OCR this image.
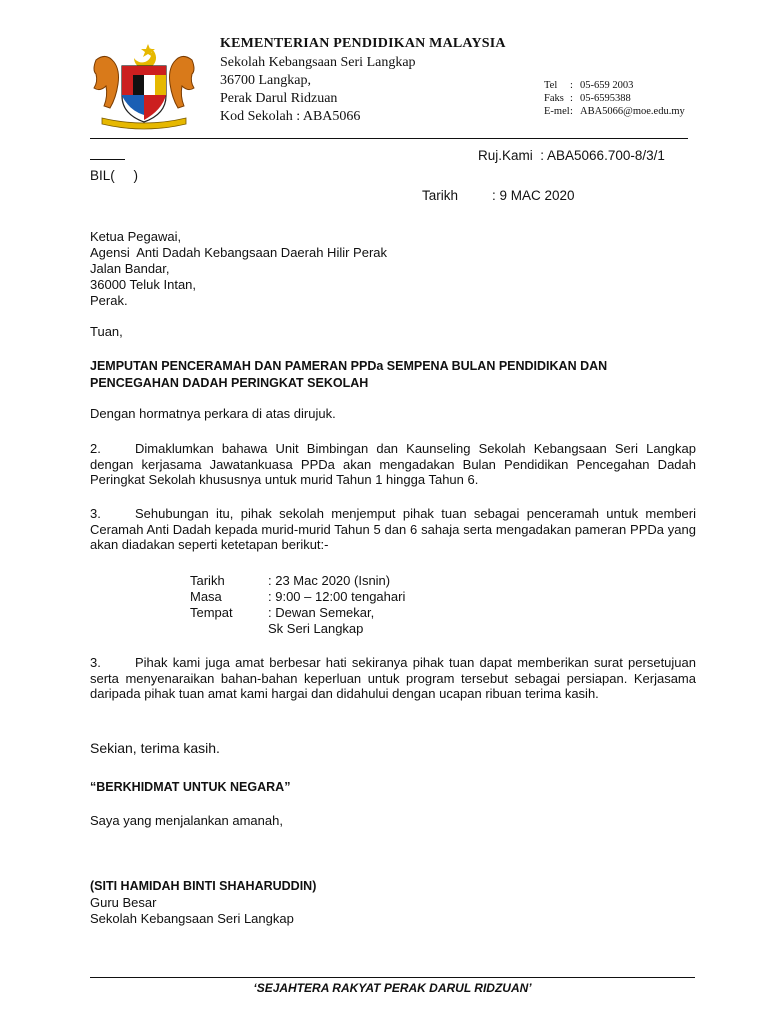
KEMENTERIAN PENDIDIKAN MALAYSIA
Sekolah Kebangsaan Seri Langkap
36700 Langkap,
Perak Darul Ridzuan
Kod Sekolah : ABA5066
Tel : 05-659 2003
Faks : 05-6595388
E-mel: ABA5066@moe.edu.my
Ruj.Kami  : ABA5066.700-8/3/1
BIL(     )
Tarikh	: 9 MAC 2020
Ketua Pegawai,
Agensi  Anti Dadah Kebangsaan Daerah Hilir Perak
Jalan Bandar,
36000 Teluk Intan,
Perak.
Tuan,
JEMPUTAN PENCERAMAH DAN PAMERAN PPDa SEMPENA BULAN PENDIDIKAN DAN PENCEGAHAN DADAH PERINGKAT SEKOLAH
Dengan hormatnya perkara di atas dirujuk.
2.	Dimaklumkan bahawa Unit Bimbingan dan Kaunseling Sekolah Kebangsaan Seri Langkap dengan kerjasama Jawatankuasa PPDa akan mengadakan Bulan Pendidikan Pencegahan Dadah Peringkat Sekolah khususnya untuk murid Tahun 1 hingga Tahun 6.
3.	Sehubungan itu, pihak sekolah menjemput pihak tuan sebagai penceramah untuk memberi Ceramah Anti Dadah kepada murid-murid Tahun 5 dan 6 sahaja serta mengadakan pameran PPDa yang akan diadakan seperti ketetapan berikut:-
Tarikh	: 23 Mac 2020 (Isnin)
Masa	: 9:00 – 12:00 tengahari
Tempat	: Dewan Semekar,
Sk Seri Langkap
3.	Pihak kami juga amat berbesar hati sekiranya pihak tuan dapat memberikan surat persetujuan serta menyenaraikan bahan-bahan keperluan untuk program tersebut sebagai persiapan. Kerjasama daripada pihak tuan amat kami hargai dan didahului dengan ucapan ribuan terima kasih.
Sekian, terima kasih.
“BERKHIDMAT UNTUK NEGARA”
Saya yang menjalankan amanah,
(SITI HAMIDAH BINTI SHAHARUDDIN)
Guru Besar
Sekolah Kebangsaan Seri Langkap
‘SEJAHTERA RAKYAT PERAK DARUL RIDZUAN’
